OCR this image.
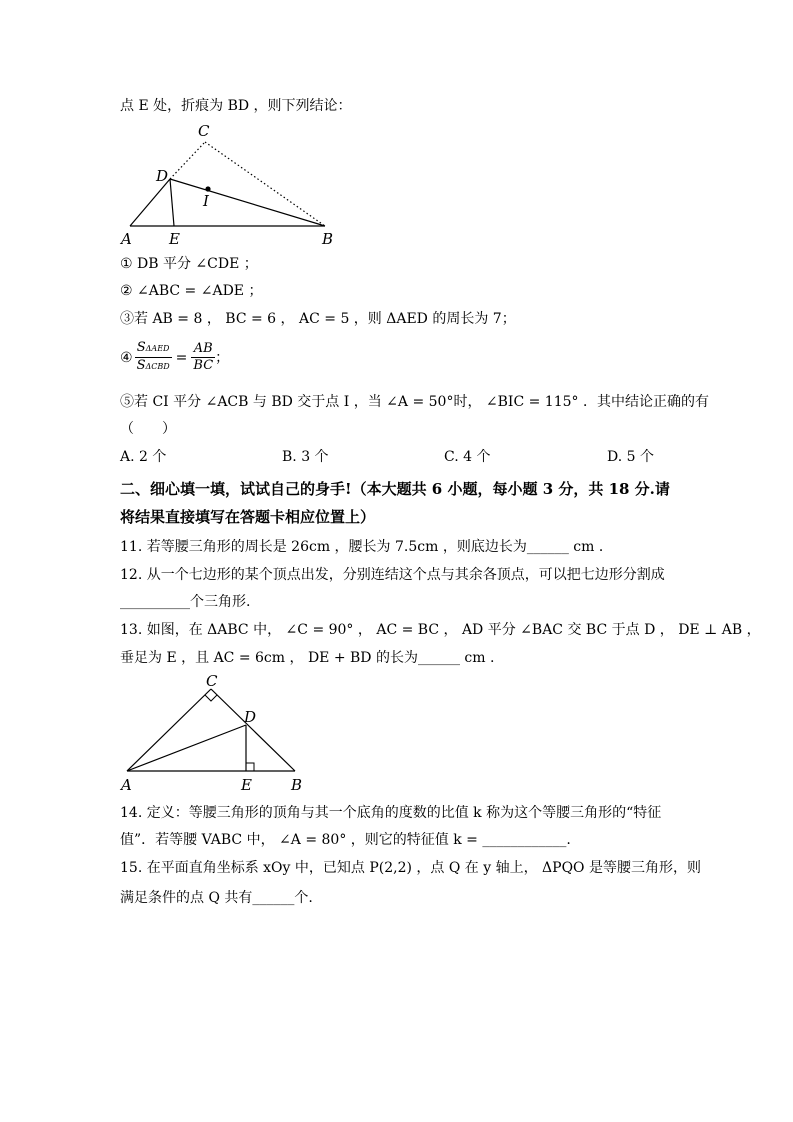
点 E 处，折痕为 BD ，则下列结论：
C
D
I
A E	B
① DB 平分 ∠CDE ；
② ∠ABC = ∠ADE ；
③若 AB = 8 ， BC = 6 ， AC = 5 ，则 ΔAED 的周长为 7；
④ $\frac{\text{SΔAED}}{\text{SΔCBD}} = \frac{AB}{BC}$ ；
⑤若 CI 平分 ∠ACB 与 BD 交于点 I ，当 ∠A = 50°时， ∠BIC = 115° ．其中结论正确的有
（　　）
A. 2 个	B. 3 个	C. 4 个	D. 5 个
二、细心填一填，试试自己的身手!（本大题共 6 小题，每小题 3 分，共 18 分.请
将结果直接填写在答题卡相应位置上）
11. 若等腰三角形的周长是 26cm ，腰长为 7.5cm ，则底边长为______ cm ．
12. 从一个七边形的某个顶点出发，分别连结这个点与其余各顶点，可以把七边形分割成
__________个三角形.
13. 如图，在 ΔABC 中， ∠C = 90° ， AC = BC ， AD 平分 ∠BAC 交 BC 于点 D ， DE ⊥ AB ，
垂足为 E ，且 AC = 6cm ， DE + BD 的长为______ cm .
C
D
A	E	B
14. 定义：等腰三角形的顶角与其一个底角的度数的比值 k 称为这个等腰三角形的“特征
值”．若等腰 VABC 中， ∠A = 80° ，则它的特征值 k = ____________.
15. 在平面直角坐标系 xOy 中，已知点 P(2,2) ，点 Q 在 y 轴上， ΔPQO 是等腰三角形，则
满足条件的点 Q 共有______个.
